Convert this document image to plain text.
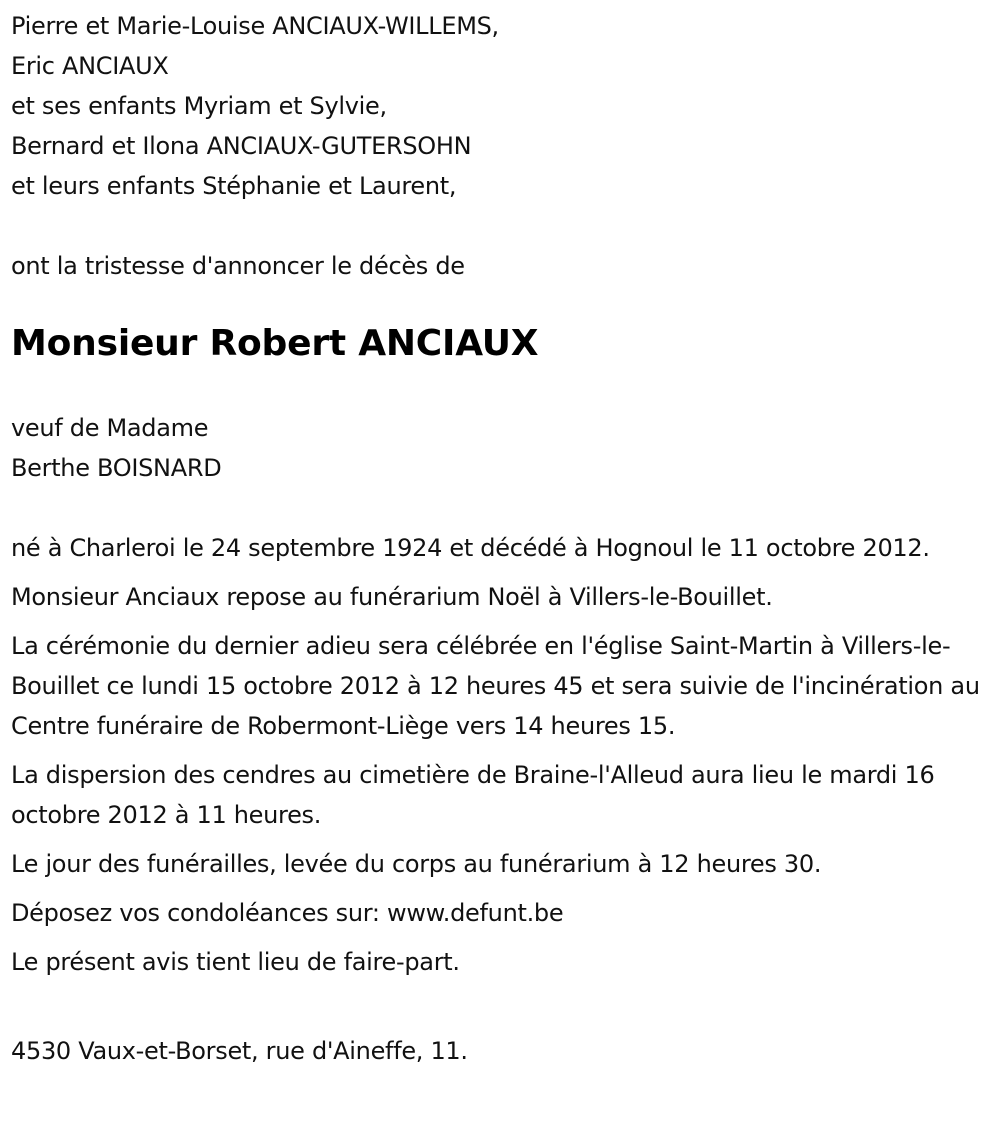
Pierre et Marie-Louise ANCIAUX-WILLEMS,
Eric ANCIAUX
et ses enfants Myriam et Sylvie,
Bernard et Ilona ANCIAUX-GUTERSOHN
et leurs enfants Stéphanie et Laurent,
ont la tristesse d'annoncer le décès de
Monsieur Robert ANCIAUX
veuf de Madame
Berthe BOISNARD

né à Charleroi le 24 septembre 1924 et décédé à Hognoul le 11 octobre 2012.

Monsieur Anciaux repose au funérarium Noël à Villers-le-Bouillet.

La cérémonie du dernier adieu sera célébrée en l'église Saint-Martin à Villers-le-Bouillet ce lundi 15 octobre 2012 à 12 heures 45 et sera suivie de l'incinération au Centre funéraire de Robermont-Liège vers 14 heures 15.

La dispersion des cendres au cimetière de Braine-l'Alleud aura lieu le mardi 16 octobre 2012 à 11 heures.

Le jour des funérailles, levée du corps au funérarium à 12 heures 30.

Déposez vos condoléances sur: www.defunt.be

Le présent avis tient lieu de faire-part.

4530 Vaux-et-Borset, rue d'Aineffe, 11.
